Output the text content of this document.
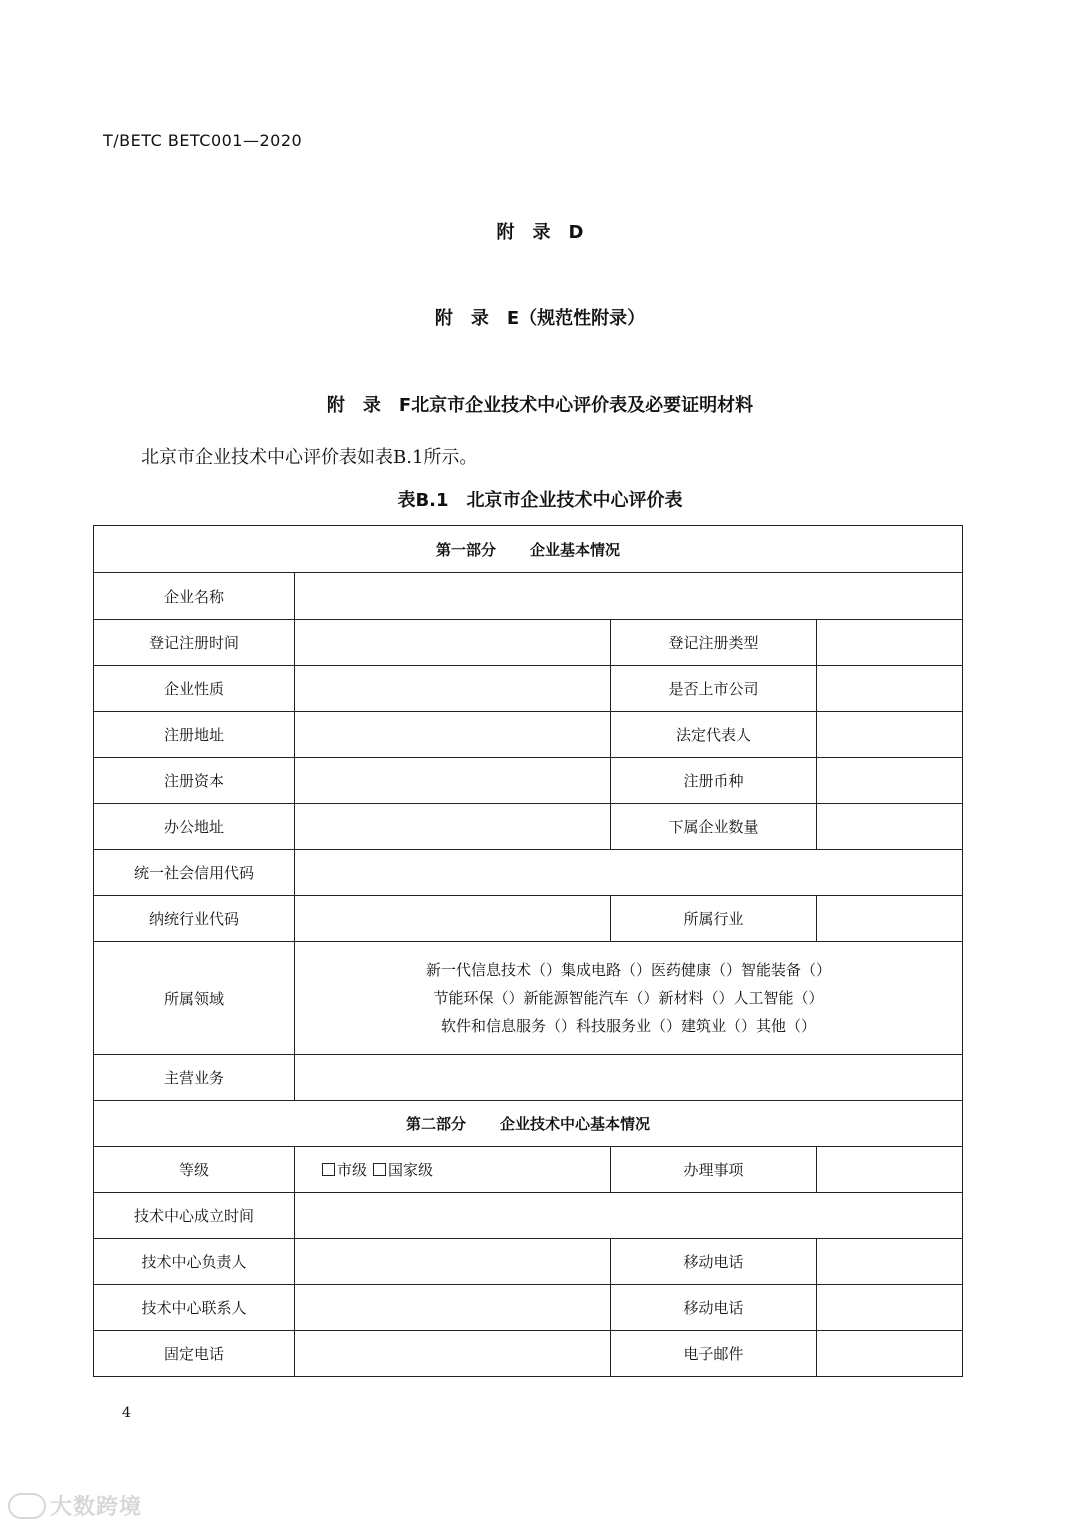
T/BETC BETC001—2020
附　录　D
附　录　E（规范性附录）
附　录　F北京市企业技术中心评价表及必要证明材料
北京市企业技术中心评价表如表B.1所示。
表B.1　北京市企业技术中心评价表
第一部分 企业基本情况			
企业名称			
登记注册时间		登记注册类型	
企业性质		是否上市公司	
注册地址		法定代表人	
注册资本		注册币种	
办公地址		下属企业数量	
统一社会信用代码			
纳统行业代码		所属行业	
所属领域	新一代信息技术（）集成电路（）医药健康（）智能装备（）
节能环保（）新能源智能汽车（）新材料（）人工智能（）
软件和信息服务（）科技服务业（）建筑业（）其他（）		

主营业务			
第二部分 企业技术中心基本情况			
等级	市级 国家级	办理事项	
技术中心成立时间			
技术中心负责人		移动电话	
技术中心联系人		移动电话	
固定电话		电子邮件	
4
大数跨境
